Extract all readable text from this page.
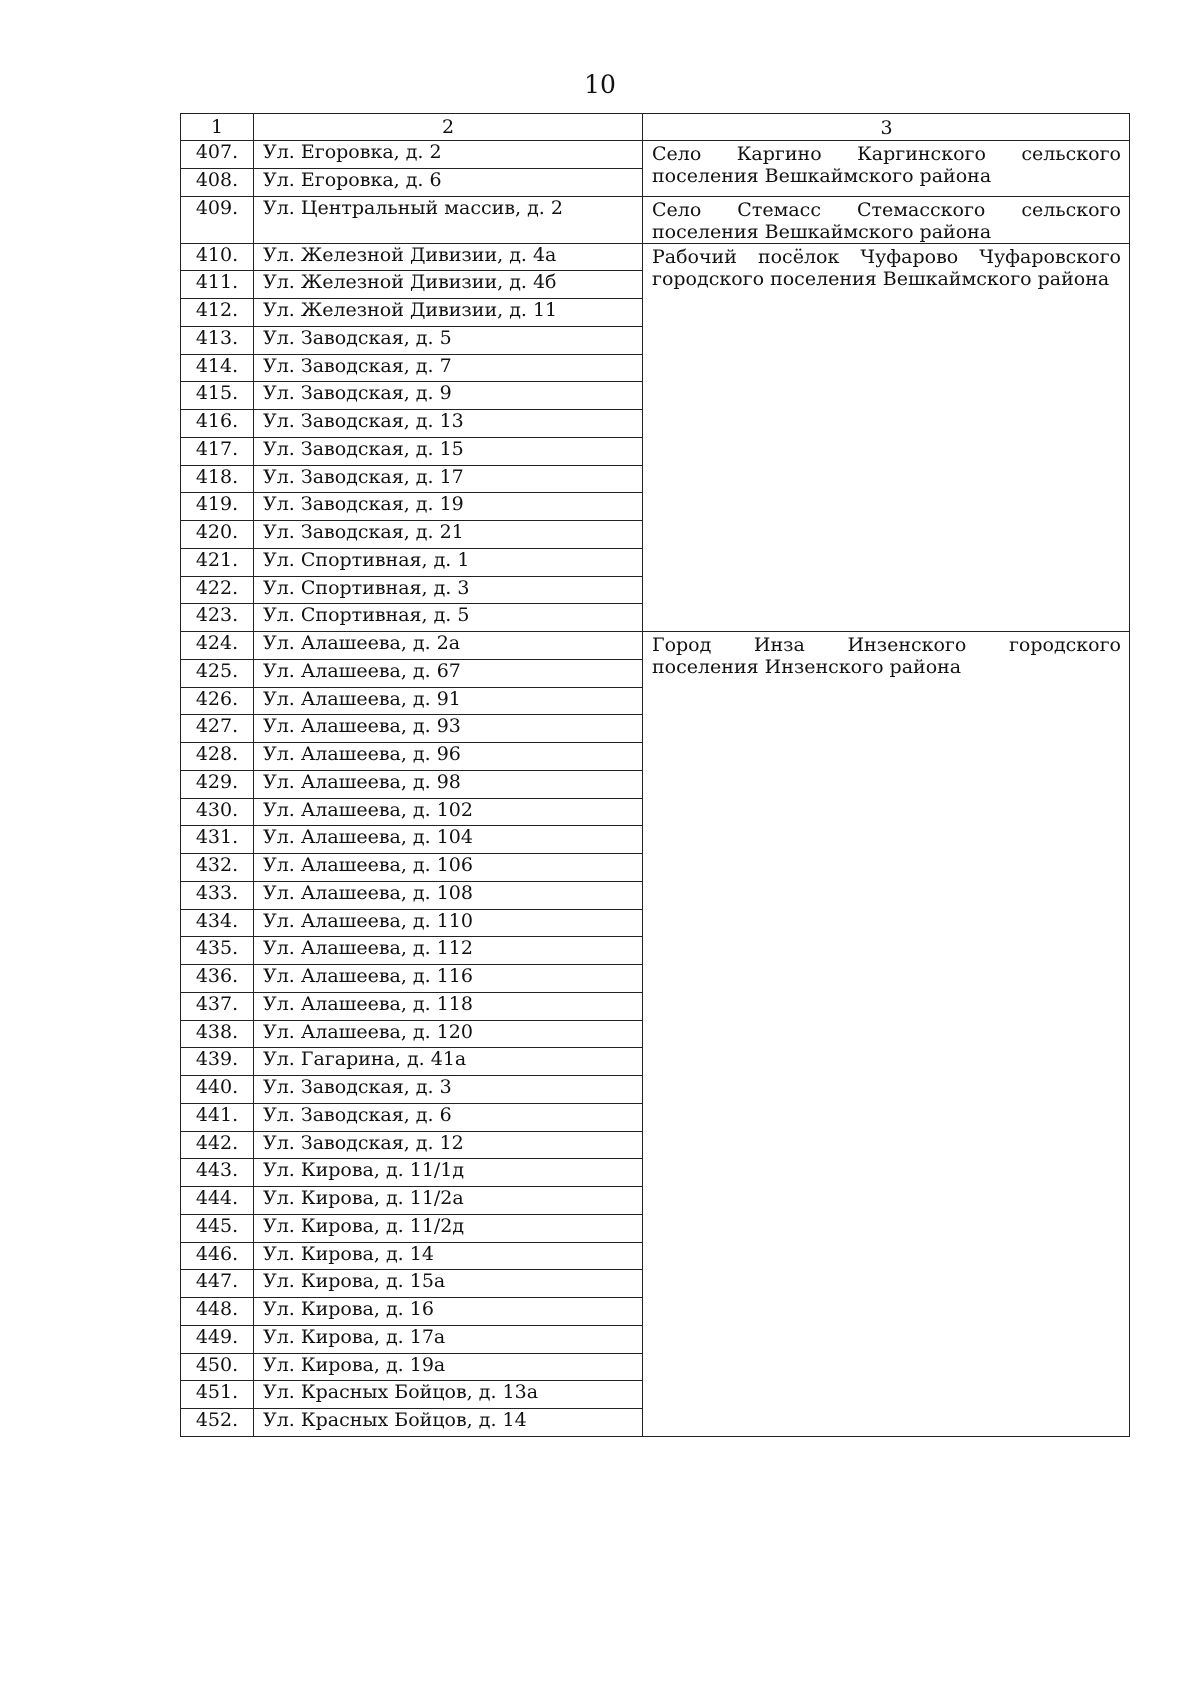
10
1	2	3
407.	Ул. Егоровка, д. 2	Село Каргино Каргинского сельского поселения Вешкаймского района
408.	Ул. Егоровка, д. 6	
409.	Ул. Центральный массив, д. 2	Село Стемасс Стемасского сельского поселения Вешкаймского района
410.	Ул. Железной Дивизии, д. 4а	Рабочий посёлок Чуфарово Чуфаровского городского поселения Вешкаймского района
411.	Ул. Железной Дивизии, д. 4б	
412.	Ул. Железной Дивизии, д. 11	
413.	Ул. Заводская, д. 5	
414.	Ул. Заводская, д. 7	
415.	Ул. Заводская, д. 9	
416.	Ул. Заводская, д. 13	
417.	Ул. Заводская, д. 15	
418.	Ул. Заводская, д. 17	
419.	Ул. Заводская, д. 19	
420.	Ул. Заводская, д. 21	
421.	Ул. Спортивная, д. 1	
422.	Ул. Спортивная, д. 3	
423.	Ул. Спортивная, д. 5	
424.	Ул. Алашеева, д. 2а	Город Инза Инзенского городского поселения Инзенского района
425.	Ул. Алашеева, д. 67	
426.	Ул. Алашеева, д. 91	
427.	Ул. Алашеева, д. 93	
428.	Ул. Алашеева, д. 96	
429.	Ул. Алашеева, д. 98	
430.	Ул. Алашеева, д. 102	
431.	Ул. Алашеева, д. 104	
432.	Ул. Алашеева, д. 106	
433.	Ул. Алашеева, д. 108	
434.	Ул. Алашеева, д. 110	
435.	Ул. Алашеева, д. 112	
436.	Ул. Алашеева, д. 116	
437.	Ул. Алашеева, д. 118	
438.	Ул. Алашеева, д. 120	
439.	Ул. Гагарина, д. 41а	
440.	Ул. Заводская, д. 3	
441.	Ул. Заводская, д. 6	
442.	Ул. Заводская, д. 12	
443.	Ул. Кирова, д. 11/1д	
444.	Ул. Кирова, д. 11/2а	
445.	Ул. Кирова, д. 11/2д	
446.	Ул. Кирова, д. 14	
447.	Ул. Кирова, д. 15а	
448.	Ул. Кирова, д. 16	
449.	Ул. Кирова, д. 17а	
450.	Ул. Кирова, д. 19а	
451.	Ул. Красных Бойцов, д. 13а	
452.	Ул. Красных Бойцов, д. 14	
